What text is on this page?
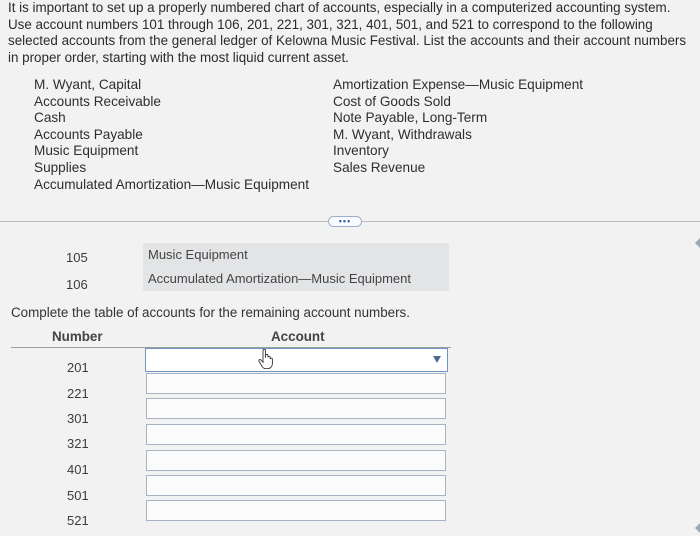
It is important to set up a properly numbered chart of accounts, especially in a computerized accounting system. Use account numbers 101 through 106, 201, 221, 301, 321, 401, 501, and 521 to correspond to the following selected accounts from the general ledger of Kelowna Music Festival. List the accounts and their account numbers in proper order, starting with the most liquid current asset.

M. Wyant, Capital
Accounts Receivable
Cash
Accounts Payable
Music Equipment
Supplies
Accumulated Amortization—Music Equipment
Amortization Expense—Music Equipment
Cost of Goods Sold
Note Payable, Long-Term
M. Wyant, Withdrawals
Inventory
Sales Revenue
•••
105	Music Equipment
106	Accumulated Amortization—Music Equipment
Complete the table of accounts for the remaining account numbers.
Number	Account
201
221
301
321
401
501
521
